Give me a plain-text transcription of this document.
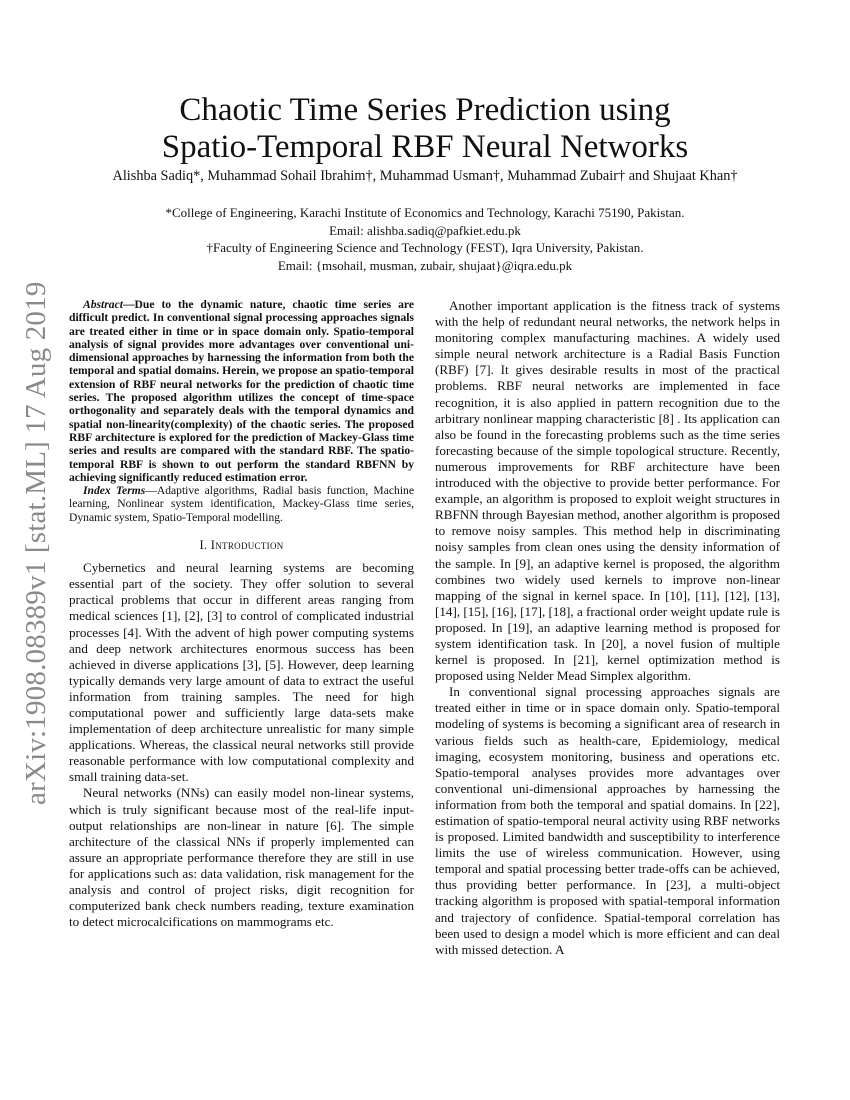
arXiv:1908.08389v1 [stat.ML] 17 Aug 2019
Chaotic Time Series Prediction using
Spatio-Temporal RBF Neural Networks
Alishba Sadiq*, Muhammad Sohail Ibrahim†, Muhammad Usman†, Muhammad Zubair† and Shujaat Khan†
*College of Engineering, Karachi Institute of Economics and Technology, Karachi 75190, Pakistan.
Email: alishba.sadiq@pafkiet.edu.pk
†Faculty of Engineering Science and Technology (FEST), Iqra University, Pakistan.
Email: {msohail, musman, zubair, shujaat}@iqra.edu.pk

Abstract—Due to the dynamic nature, chaotic time series are difficult predict. In conventional signal processing approaches signals are treated either in time or in space domain only. Spatio-temporal analysis of signal provides more advantages over conventional uni-dimensional approaches by harnessing the information from both the temporal and spatial domains. Herein, we propose an spatio-temporal extension of RBF neural networks for the prediction of chaotic time series. The proposed algorithm utilizes the concept of time-space orthogonality and separately deals with the temporal dynamics and spatial non-linearity(complexity) of the chaotic series. The proposed RBF architecture is explored for the prediction of Mackey-Glass time series and results are compared with the standard RBF. The spatio-temporal RBF is shown to out perform the standard RBFNN by achieving significantly reduced estimation error.

Index Terms—Adaptive algorithms, Radial basis function, Machine learning, Nonlinear system identification, Mackey-Glass time series, Dynamic system, Spatio-Temporal modelling.

I. Introduction

Cybernetics and neural learning systems are becoming essential part of the society. They offer solution to several practical problems that occur in different areas ranging from medical sciences [1], [2], [3] to control of complicated industrial processes [4]. With the advent of high power computing systems and deep network architectures enormous success has been achieved in diverse applications [3], [5]. However, deep learning typically demands very large amount of data to extract the useful information from training samples. The need for high computational power and sufficiently large data-sets make implementation of deep architecture unrealistic for many simple applications. Whereas, the classical neural networks still provide reasonable performance with low computational complexity and small training data-set.

Neural networks (NNs) can easily model non-linear systems, which is truly significant because most of the real-life input-output relationships are non-linear in nature [6]. The simple architecture of the classical NNs if properly implemented can assure an appropriate performance therefore they are still in use for applications such as: data validation, risk management for the analysis and control of project risks, digit recognition for computerized bank check numbers reading, texture examination to detect microcalcifications on mammograms etc.

Another important application is the fitness track of systems with the help of redundant neural networks, the network helps in monitoring complex manufacturing machines. A widely used simple neural network architecture is a Radial Basis Function (RBF) [7]. It gives desirable results in most of the practical problems. RBF neural networks are implemented in face recognition, it is also applied in pattern recognition due to the arbitrary nonlinear mapping characteristic [8] . Its application can also be found in the forecasting problems such as the time series forecasting because of the simple topological structure. Recently, numerous improvements for RBF architecture have been introduced with the objective to provide better performance. For example, an algorithm is proposed to exploit weight structures in RBFNN through Bayesian method, another algorithm is proposed to remove noisy samples. This method help in discriminating noisy samples from clean ones using the density information of the sample. In [9], an adaptive kernel is proposed, the algorithm combines two widely used kernels to improve non-linear mapping of the signal in kernel space. In [10], [11], [12], [13], [14], [15], [16], [17], [18], a fractional order weight update rule is proposed. In [19], an adaptive learning method is proposed for system identification task. In [20], a novel fusion of multiple kernel is proposed. In [21], kernel optimization method is proposed using Nelder Mead Simplex algorithm.

In conventional signal processing approaches signals are treated either in time or in space domain only. Spatio-temporal modeling of systems is becoming a significant area of research in various fields such as health-care, Epidemiology, medical imaging, ecosystem monitoring, business and operations etc. Spatio-temporal analyses provides more advantages over conventional uni-dimensional approaches by harnessing the information from both the temporal and spatial domains. In [22], estimation of spatio-temporal neural activity using RBF networks is proposed. Limited bandwidth and susceptibility to interference limits the use of wireless communication. However, using temporal and spatial processing better trade-offs can be achieved, thus providing better performance. In [23], a multi-object tracking algorithm is proposed with spatial-temporal information and trajectory of confidence. Spatial-temporal correlation has been used to design a model which is more efficient and can deal with missed detection. A
